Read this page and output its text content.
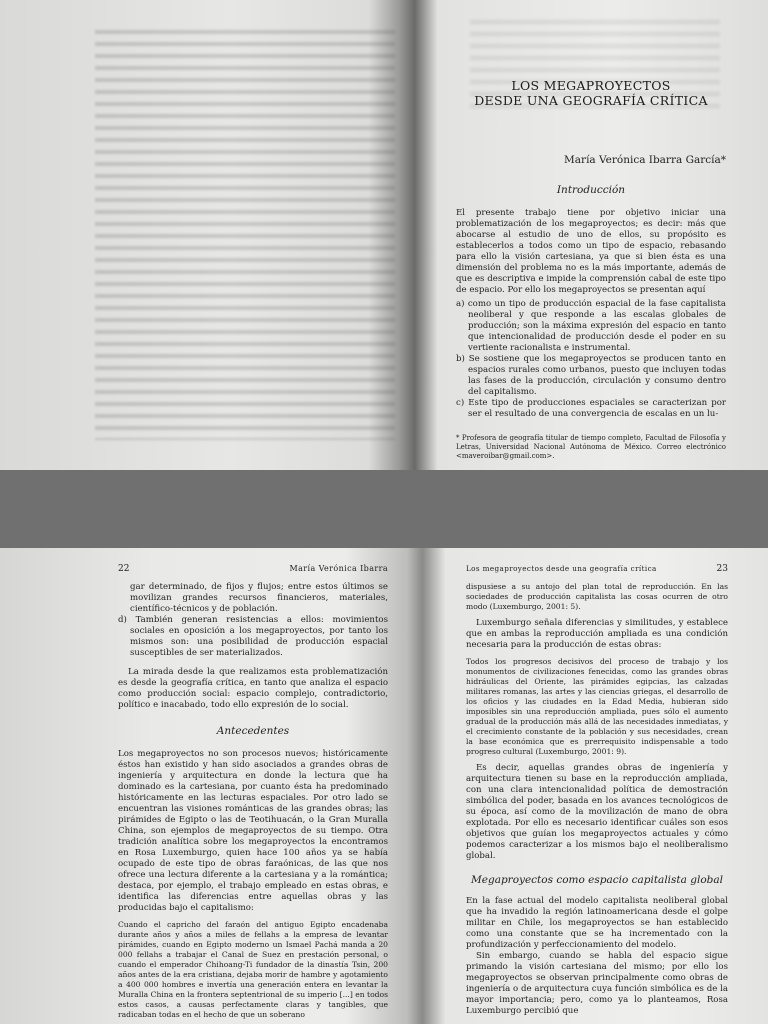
LOS MEGAPROYECTOS

DESDE UNA GEOGRAFÍA CRÍTICA

María Verónica Ibarra García*

Introducción

El presente trabajo tiene por objetivo iniciar una problematización de los megaproyectos; es decir: más que abocarse al estudio de uno de ellos, su propósito es establecerlos a todos como un tipo de espacio, rebasando para ello la visión cartesiana, ya que si bien ésta es una dimensión del problema no es la más importante, además de que es descriptiva e impide la comprensión cabal de este tipo de espacio. Por ello los megaproyectos se presentan aquí

a) como un tipo de producción espacial de la fase capitalista neoliberal y que responde a las escalas globales de producción; son la máxima expresión del espacio en tanto que intencionalidad de producción desde el poder en su vertiente racionalista e instrumental.
b) Se sostiene que los megaproyectos se producen tanto en espacios rurales como urbanos, puesto que incluyen todas las fases de la producción, circulación y consumo dentro del capitalismo.
c) Este tipo de producciones espaciales se caracterizan por ser el resultado de una convergencia de escalas en un lu-

* Profesora de geografía titular de tiempo completo, Facultad de Filosofía y Letras, Universidad Nacional Autónoma de México. Correo electrónico <maveroibar@gmail.com>.

22	María Verónica Ibarra

gar determinado, de fijos y flujos; entre estos últimos se movilizan grandes recursos financieros, materiales, científico-técnicos y de población.

d) También generan resistencias a ellos: movimientos sociales en oposición a los megaproyectos, por tanto los mismos son: una posibilidad de producción espacial susceptibles de ser materializados.

La mirada desde la que realizamos esta problematización es desde la geografía crítica, en tanto que analiza el espacio como producción social: espacio complejo, contradictorio, político e inacabado, todo ello expresión de lo social.

Antecedentes

Los megaproyectos no son procesos nuevos; históricamente éstos han existido y han sido asociados a grandes obras de ingeniería y arquitectura en donde la lectura que ha dominado es la cartesiana, por cuanto ésta ha predominado históricamente en las lecturas espaciales. Por otro lado se encuentran las visiones románticas de las grandes obras; las pirámides de Egipto o las de Teotihuacán, o la Gran Muralla China, son ejemplos de megaproyectos de su tiempo. Otra tradición analítica sobre los megaproyectos la encontramos en Rosa Luxemburgo, quien hace 100 años ya se había ocupado de este tipo de obras faraónicas, de las que nos ofrece una lectura diferente a la cartesiana y a la romántica; destaca, por ejemplo, el trabajo empleado en estas obras, e identifica las diferencias entre aquellas obras y las producidas bajo el capitalismo:

Cuando el capricho del faraón del antiguo Egipto encadenaba durante años y años a miles de fellahs a la empresa de levantar pirámides, cuando en Egipto moderno un Ismael Pachá manda a 20 000 fellahs a trabajar el Canal de Suez en prestación personal, o cuando el emperador Chihoang-Ti fundador de la dinastía Tsin, 200 años antes de la era cristiana, dejaba morir de hambre y agotamiento a 400 000 hombres e invertía una generación entera en levantar la Muralla China en la frontera septentrional de su imperio [...] en todos estos casos, a causas perfectamente claras y tangibles, que radicaban todas en el hecho de que un soberano

Los megaproyectos desde una geografía crítica	23

dispusiese a su antojo del plan total de reproducción. En las sociedades de producción capitalista las cosas ocurren de otro modo (Luxemburgo, 2001: 5).

Luxemburgo señala diferencias y similitudes, y establece que en ambas la reproducción ampliada es una condición necesaria para la producción de estas obras:

Todos los progresos decisivos del proceso de trabajo y los monumentos de civilizaciones fenecidas, como las grandes obras hidráulicas del Oriente, las pirámides egipcias, las calzadas militares romanas, las artes y las ciencias griegas, el desarrollo de los oficios y las ciudades en la Edad Media, hubieran sido imposibles sin una reproducción ampliada, pues sólo el aumento gradual de la producción más allá de las necesidades inmediatas, y el crecimiento constante de la población y sus necesidades, crean la base económica que es prerrequisito indispensable a todo progreso cultural (Luxemburgo, 2001: 9).

Es decir, aquellas grandes obras de ingeniería y arquitectura tienen su base en la reproducción ampliada, con una clara intencionalidad política de demostración simbólica del poder, basada en los avances tecnológicos de su época, así como de la movilización de mano de obra explotada. Por ello es necesario identificar cuáles son esos objetivos que guían los megaproyectos actuales y cómo podemos caracterizar a los mismos bajo el neoliberalismo global.

Megaproyectos como espacio capitalista global

En la fase actual del modelo capitalista neoliberal global que ha invadido la región latinoamericana desde el golpe militar en Chile, los megaproyectos se han establecido como una constante que se ha incrementado con la profundización y perfeccionamiento del modelo.

Sin embargo, cuando se habla del espacio sigue primando la visión cartesiana del mismo; por ello los megaproyectos se observan principalmente como obras de ingeniería o de arquitectura cuya función simbólica es de la mayor importancia; pero, como ya lo planteamos, Rosa Luxemburgo percibió que
